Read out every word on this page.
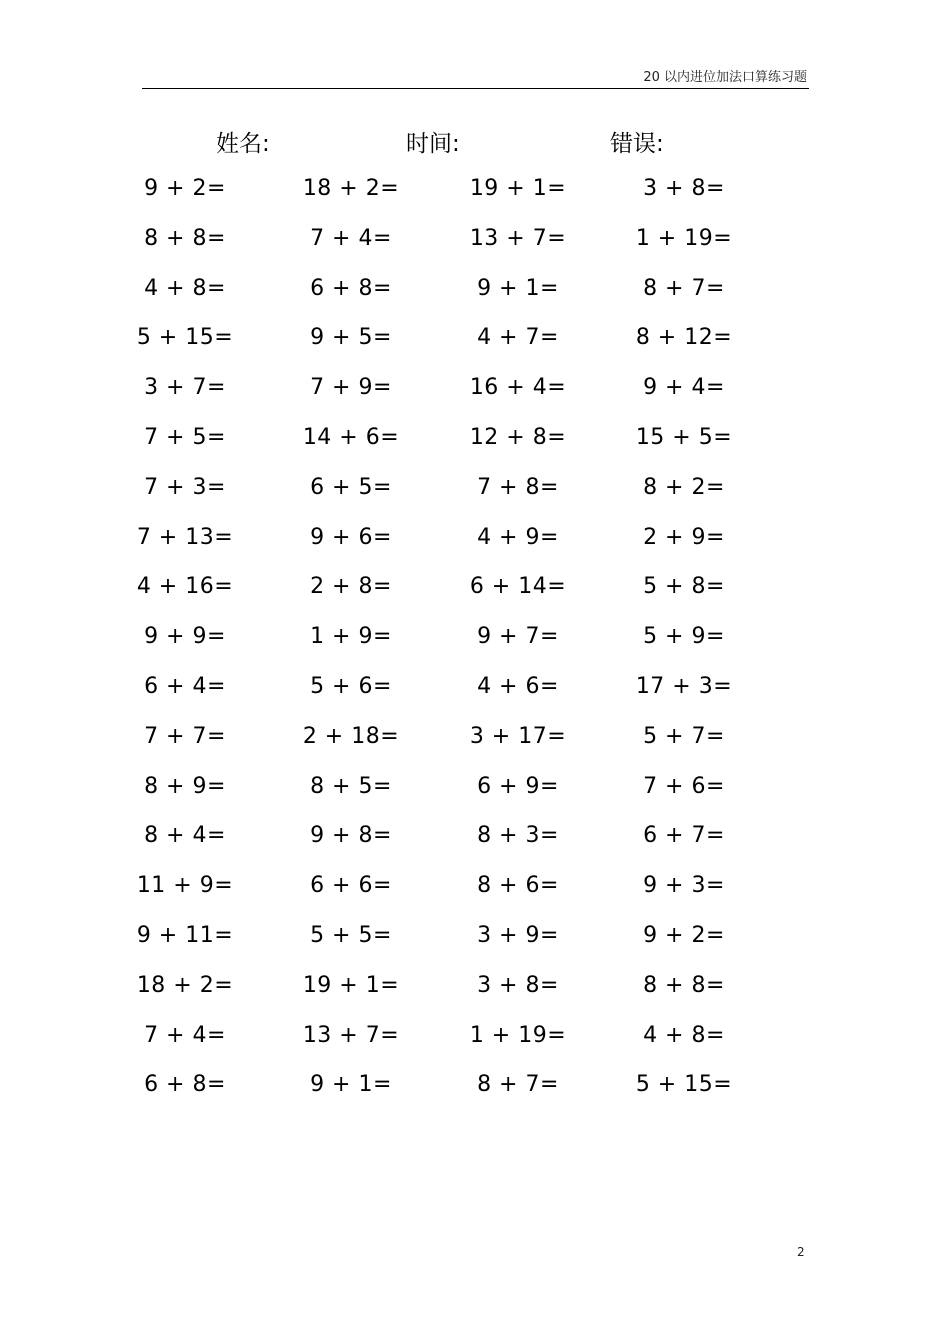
20 以内进位加法口算练习题
姓名:	时间:	错误:
9 + 2=	18 + 2=	19 + 1=	3 + 8=
8 + 8=	7 + 4=	13 + 7=	1 + 19=
4 + 8=	6 + 8=	9 + 1=	8 + 7=
5 + 15=	9 + 5=	4 + 7=	8 + 12=
3 + 7=	7 + 9=	16 + 4=	9 + 4=
7 + 5=	14 + 6=	12 + 8=	15 + 5=
7 + 3=	6 + 5=	7 + 8=	8 + 2=
7 + 13=	9 + 6=	4 + 9=	2 + 9=
4 + 16=	2 + 8=	6 + 14=	5 + 8=
9 + 9=	1 + 9=	9 + 7=	5 + 9=
6 + 4=	5 + 6=	4 + 6=	17 + 3=
7 + 7=	2 + 18=	3 + 17=	5 + 7=
8 + 9=	8 + 5=	6 + 9=	7 + 6=
8 + 4=	9 + 8=	8 + 3=	6 + 7=
11 + 9=	6 + 6=	8 + 6=	9 + 3=
9 + 11=	5 + 5=	3 + 9=	9 + 2=
18 + 2=	19 + 1=	3 + 8=	8 + 8=
7 + 4=	13 + 7=	1 + 19=	4 + 8=
6 + 8=	9 + 1=	8 + 7=	5 + 15=
2
